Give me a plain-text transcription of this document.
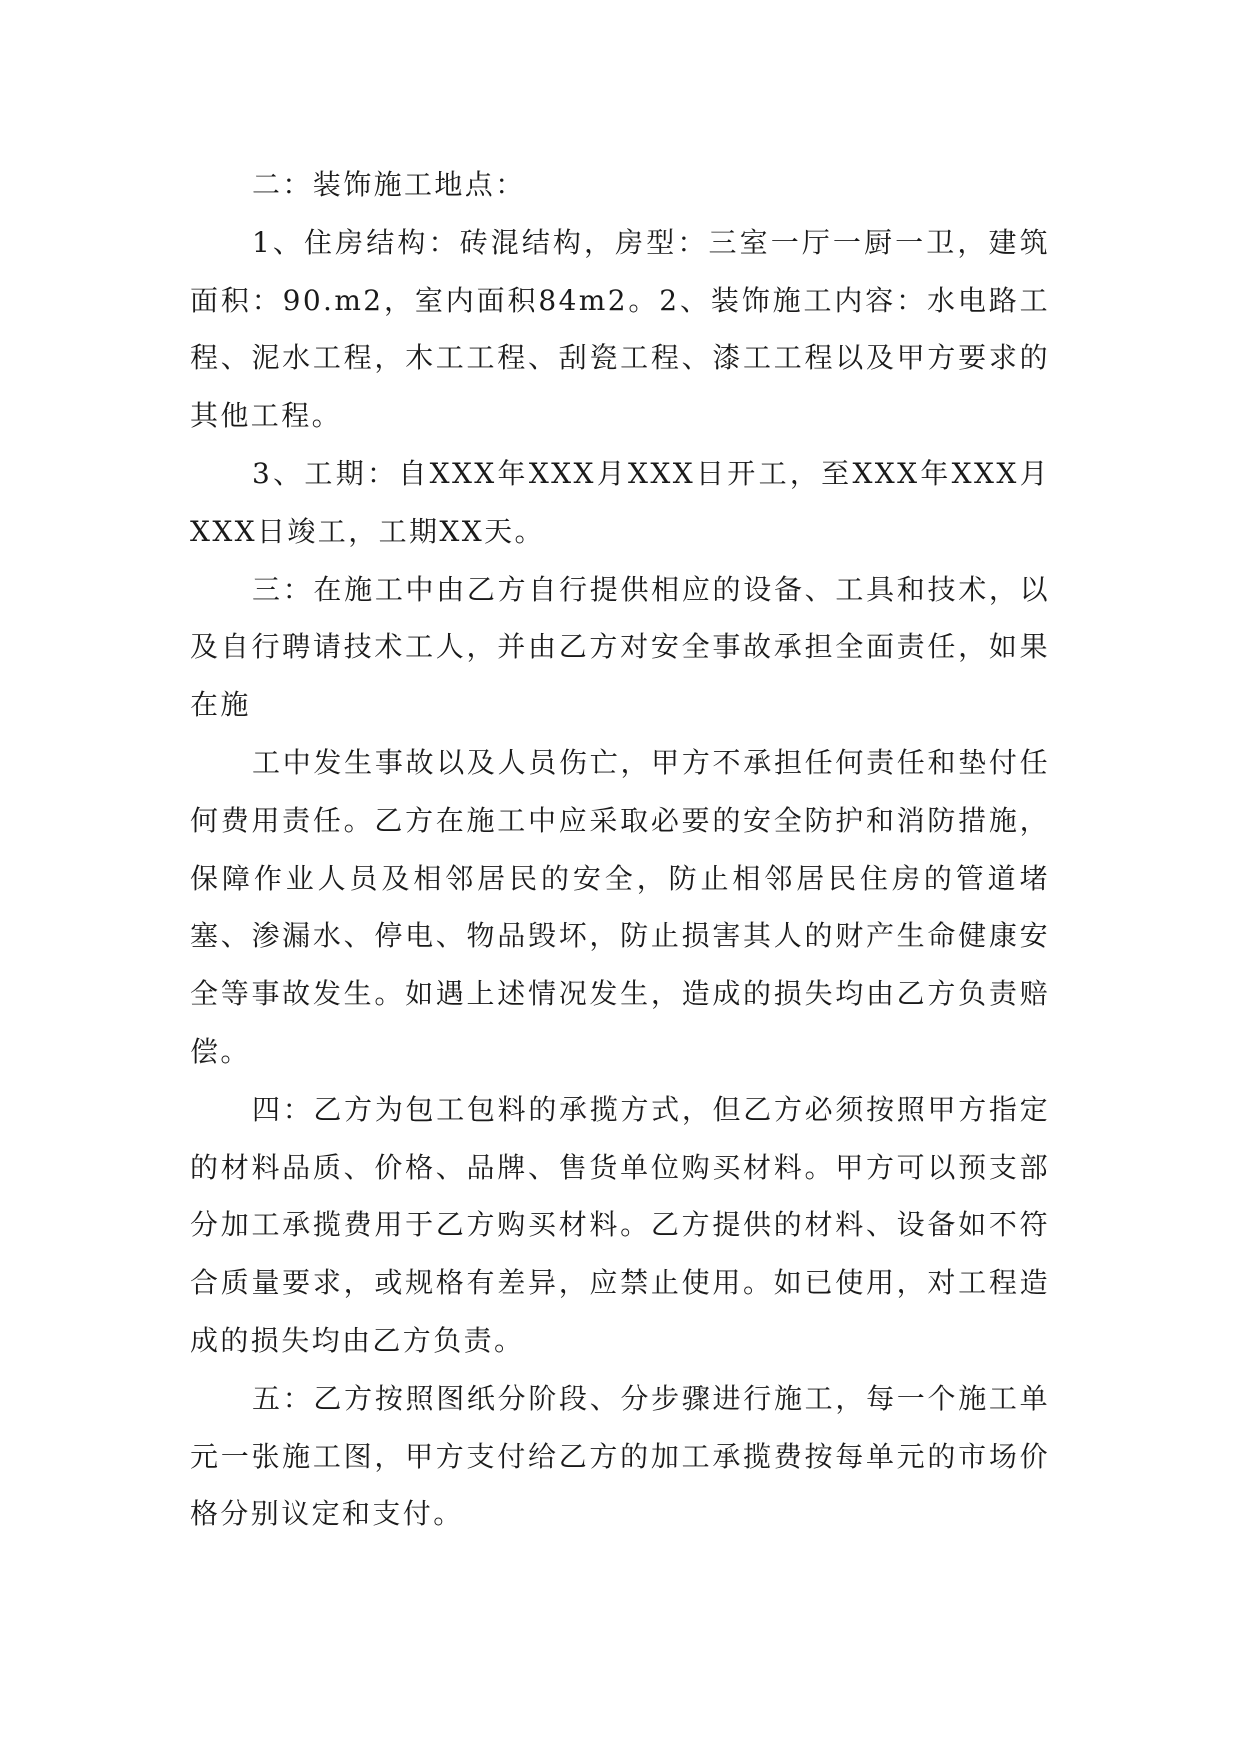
二：装饰施工地点：

1、住房结构：砖混结构，房型：三室一厅一厨一卫，建筑面积：90.m2，室内面积84m2。2、装饰施工内容：水电路工程、泥水工程，木工工程、刮瓷工程、漆工工程以及甲方要求的其他工程。

3、工期：自XXX年XXX月XXX日开工，至XXX年XXX月XXX日竣工，工期XX天。

三：在施工中由乙方自行提供相应的设备、工具和技术，以及自行聘请技术工人，并由乙方对安全事故承担全面责任，如果在施

工中发生事故以及人员伤亡，甲方不承担任何责任和垫付任何费用责任。乙方在施工中应采取必要的安全防护和消防措施，保障作业人员及相邻居民的安全，防止相邻居民住房的管道堵塞、渗漏水、停电、物品毁坏，防止损害其人的财产生命健康安全等事故发生。如遇上述情况发生，造成的损失均由乙方负责赔偿。

四：乙方为包工包料的承揽方式，但乙方必须按照甲方指定的材料品质、价格、品牌、售货单位购买材料。甲方可以预支部分加工承揽费用于乙方购买材料。乙方提供的材料、设备如不符合质量要求，或规格有差异，应禁止使用。如已使用，对工程造成的损失均由乙方负责。

五：乙方按照图纸分阶段、分步骤进行施工，每一个施工单元一张施工图，甲方支付给乙方的加工承揽费按每单元的市场价格分别议定和支付。
